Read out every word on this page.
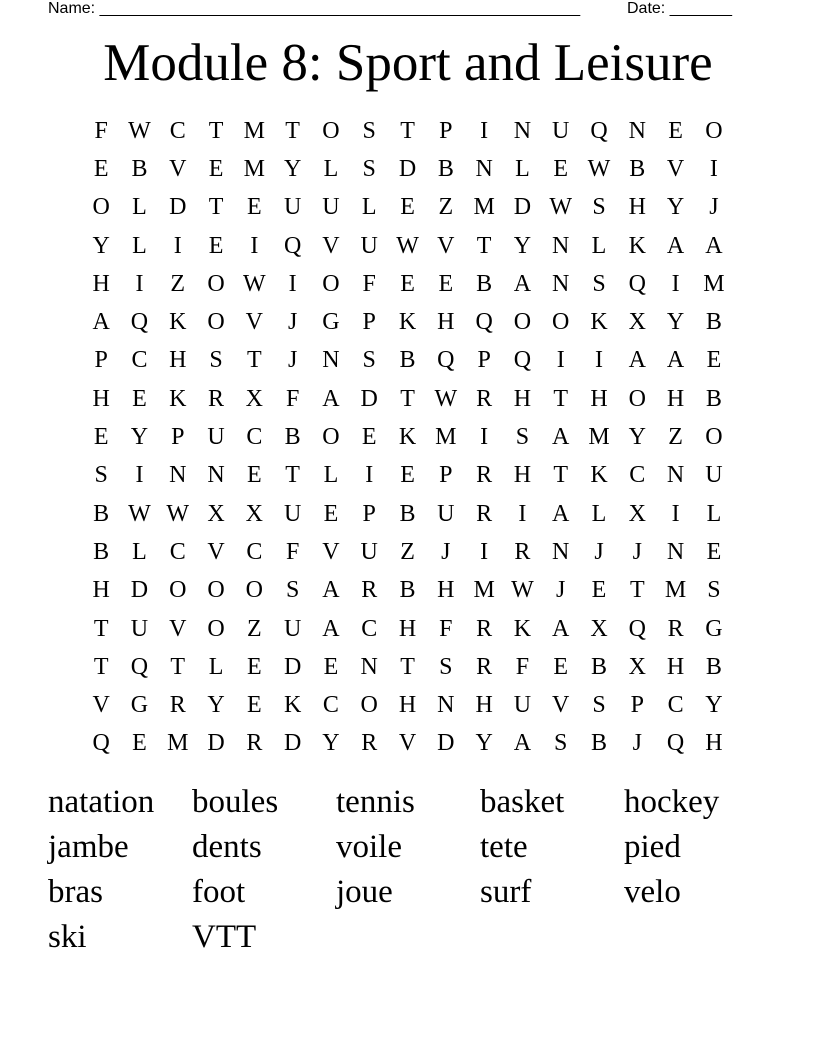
Name: ______________________________________________________	Date: _______
Module 8: Sport and Leisure
F W C T M T O S	T	P	I	N U Q N E O
E B V E M Y L	S D B N L E W B V	I
O L D T E U U L E Z M D W S H Y	J
Y L	I	E	I	Q V U W V T Y N L K A A
H	I	Z O W I	O F	E E B A N S Q	I M
A Q K O V	J	G P K H Q O O K X Y B
P C H S	T	J	N S B Q P Q	I	I	A A E
H E K R X F A D T W R H T H O H B
E Y P U C B O E K M I	S A M Y Z O
S	I	N N E T L	I	E	P R H T K C N U
B W W X X U E	P B U R	I	A L X	I	L
B L C V C F V U Z	J	I	R N	J	J	N E
H D O O O S A R B H M W J	E T M S
T U V O Z U A C H F R K A X Q R G
T Q T L E D E N T	S R F	E B X H B
V G R Y E K C O H N H U V S	P C Y
Q E M D R D Y R V D Y A S B	J	Q H
natation	boules	tennis	basket	hockey
jambe	dents	voile	tete	pied
bras	foot	joue	surf	velo
ski	VTT
